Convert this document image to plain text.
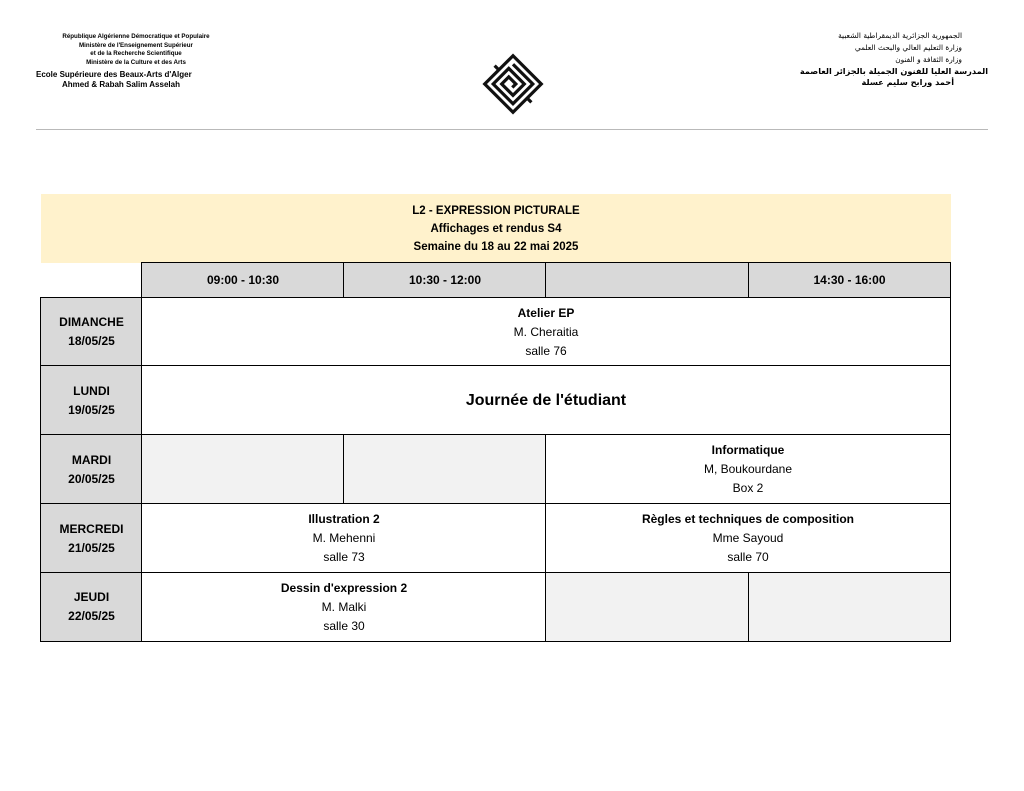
République Algérienne Démocratique et Populaire
Ministère de l'Enseignement Supérieur
et de la Recherche Scientifique
Ministère de la Culture et des Arts
Ecole Supérieure des Beaux-Arts d'Alger
Ahmed & Rabah Salim Asselah
الجمهورية الجزائرية الديمقراطية الشعبية
وزارة التعليم العالي والبحث العلمي
وزارة الثقافة و الفنون
المدرسة العليا للفنون الجميلة بالجزائر العاصمة
أحمد ورابح سليم عسلة
L2 - EXPRESSION PICTURALE
Affichages et rendus S4
Semaine du 18 au 22 mai 2025
09:00 - 10:30	10:30 - 12:00	14:30 - 16:00
DIMANCHE
18/05/25
LUNDI
19/05/25
MARDI
20/05/25
MERCREDI
21/05/25
JEUDI
22/05/25
Atelier EP
M. Cheraitia
salle 76
Journée de l'étudiant
Informatique
M, Boukourdane
Box 2
Illustration 2
M. Mehenni
salle 73
Règles et techniques de composition
Mme Sayoud
salle 70
Dessin d'expression 2
M. Malki
salle 30
